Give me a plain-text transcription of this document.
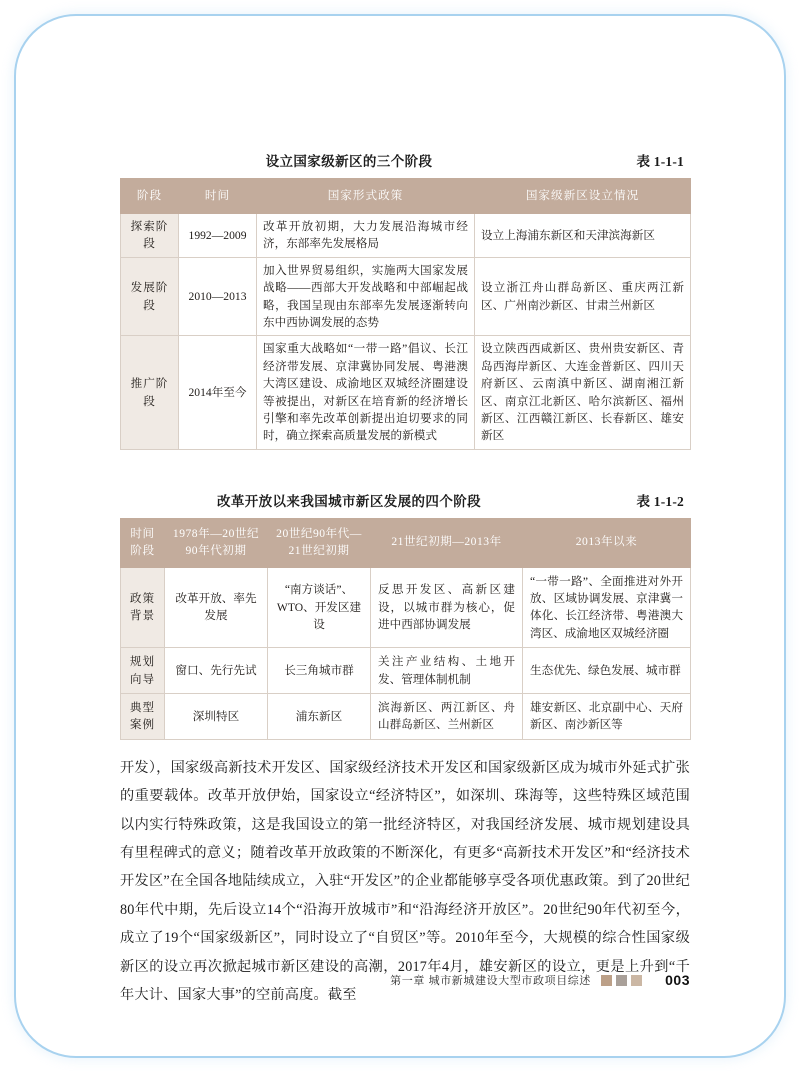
设立国家级新区的三个阶段	表 1-1-1
阶段	时间	国家形式政策	国家级新区设立情况
探索阶段	1992—2009	改革开放初期，大力发展沿海城市经济，东部率先发展格局	设立上海浦东新区和天津滨海新区
发展阶段	2010—2013	加入世界贸易组织，实施两大国家发展战略——西部大开发战略和中部崛起战略，我国呈现由东部率先发展逐渐转向东中西协调发展的态势	设立浙江舟山群岛新区、重庆两江新区、广州南沙新区、甘肃兰州新区
推广阶段	2014年至今	国家重大战略如“一带一路”倡议、长江经济带发展、京津冀协同发展、粤港澳大湾区建设、成渝地区双城经济圈建设等被提出，对新区在培育新的经济增长引擎和率先改革创新提出迫切要求的同时，确立探索高质量发展的新模式	设立陕西西咸新区、贵州贵安新区、青岛西海岸新区、大连金普新区、四川天府新区、云南滇中新区、湖南湘江新区、南京江北新区、哈尔滨新区、福州新区、江西赣江新区、长春新区、雄安新区
改革开放以来我国城市新区发展的四个阶段	表 1-1-2
时间阶段	1978年—20世纪90年代初期	20世纪90年代—21世纪初期	21世纪初期—2013年	2013年以来
政策背景	改革开放、率先发展	“南方谈话”、WTO、开发区建设	反思开发区、高新区建设，以城市群为核心，促进中西部协调发展	“一带一路”、全面推进对外开放、区域协调发展、京津冀一体化、长江经济带、粤港澳大湾区、成渝地区双城经济圈
规划向导	窗口、先行先试	长三角城市群	关注产业结构、土地开发、管理体制机制	生态优先、绿色发展、城市群
典型案例	深圳特区	浦东新区	滨海新区、两江新区、舟山群岛新区、兰州新区	雄安新区、北京副中心、天府新区、南沙新区等

开发），国家级高新技术开发区、国家级经济技术开发区和国家级新区成为城市外延式扩张的重要载体。改革开放伊始，国家设立“经济特区”，如深圳、珠海等，这些特殊区域范围以内实行特殊政策，这是我国设立的第一批经济特区，对我国经济发展、城市规划建设具有里程碑式的意义；随着改革开放政策的不断深化，有更多“高新技术开发区”和“经济技术开发区”在全国各地陆续成立，入驻“开发区”的企业都能够享受各项优惠政策。到了20世纪80年代中期，先后设立14个“沿海开放城市”和“沿海经济开放区”。20世纪90年代初至今，成立了19个“国家级新区”，同时设立了“自贸区”等。2010年至今，大规模的综合性国家级新区的设立再次掀起城市新区建设的高潮，2017年4月，雄安新区的设立，更是上升到“千年大计、国家大事”的空前高度。截至

第一章 城市新城建设大型市政项目综述	003
